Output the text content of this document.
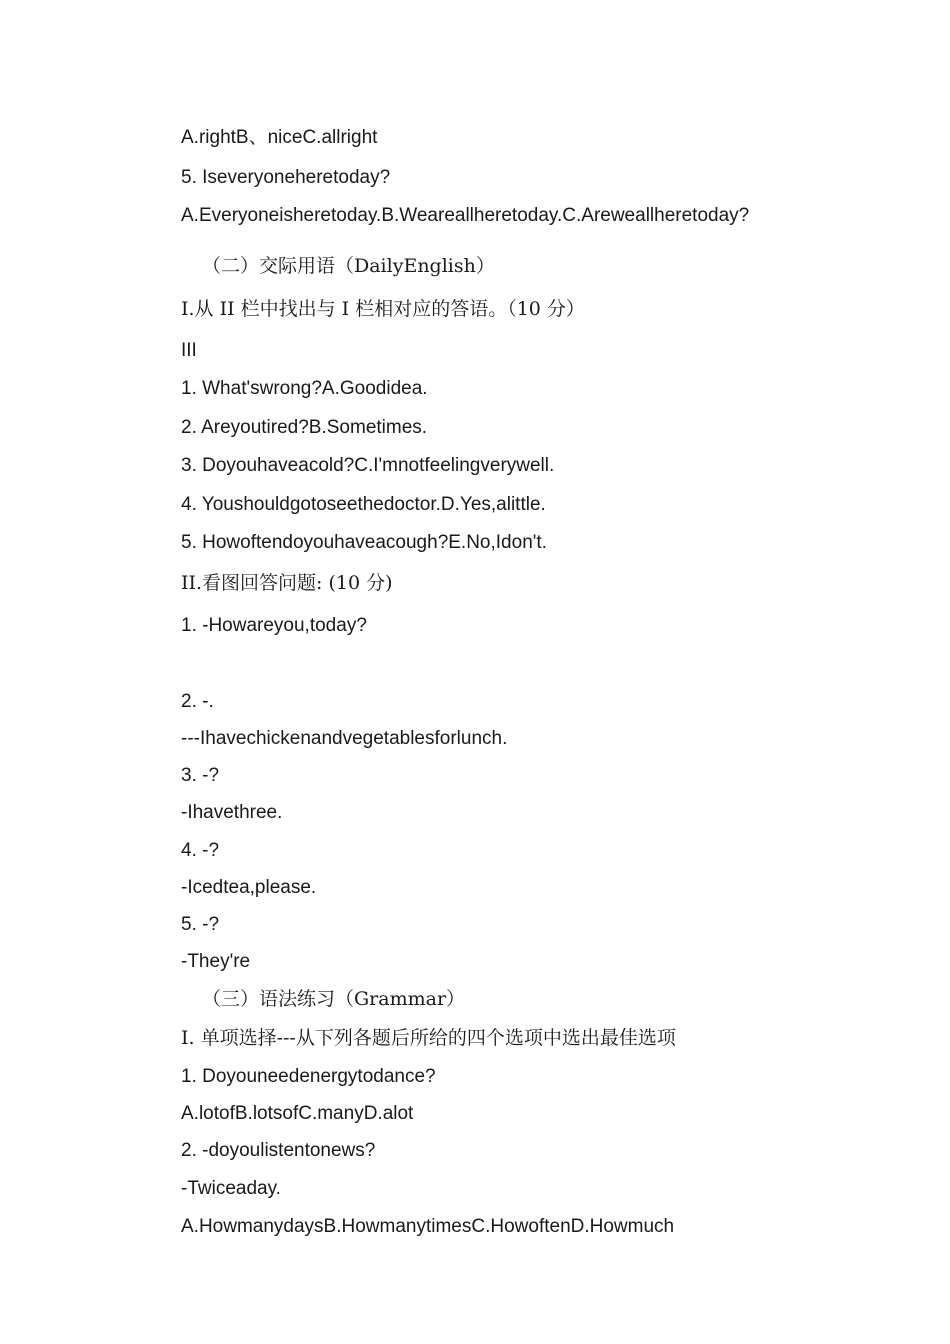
A.rightB、niceC.allright
5. Iseveryoneheretoday?
A.Everyoneisheretoday.B.Weareallheretoday.C.Areweallheretoday?
（二）交际用语（DailyEnglish）
I.从 II 栏中找出与 I 栏相对应的答语。（10 分）
III
1. What'swrong?A.Goodidea.
2. Areyoutired?B.Sometimes.
3. Doyouhaveacold?C.I'mnotfeelingverywell.
4. Youshouldgotoseethedoctor.D.Yes,alittle.
5. Howoftendoyouhaveacough?E.No,Idon't.
II.看图回答问题: (10 分)
1. -Howareyou,today?
2. -.
---Ihavechickenandvegetablesforlunch.
3. -?
-Ihavethree.
4. -?
-Icedtea,please.
5. -?
-They're
（三）语法练习（Grammar）
I. 单项选择---从下列各题后所给的四个选项中选出最佳选项
1. Doyouneedenergytodance?
A.lotofB.lotsofC.manyD.alot
2. -doyoulistentonews?
-Twiceaday.
A.HowmanydaysB.HowmanytimesC.HowoftenD.Howmuch
